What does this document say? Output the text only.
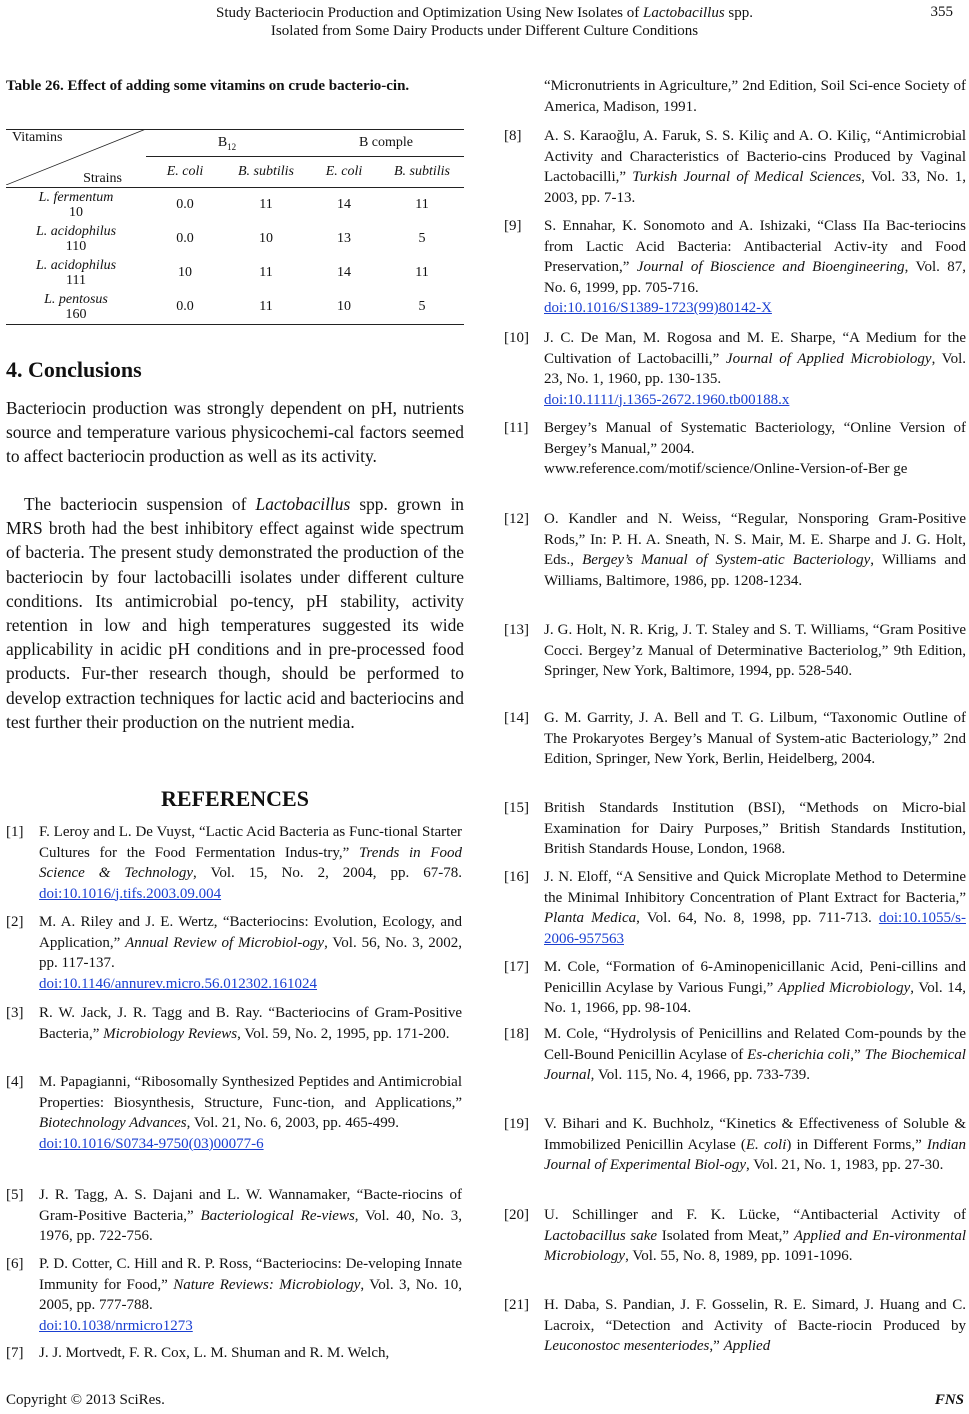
Study Bacteriocin Production and Optimization Using New Isolates of Lactobacillus spp.
Isolated from Some Dairy Products under Different Culture Conditions
355
Table 26. Effect of adding some vitamins on crude bacterio-cin.
Vitamins	$B_{12}$		B comple	
Strains	E. coli	B. subtilis	E. coli	B. subtilis
L. fermentum
10	0.0	11	14	11
L. acidophilus
110	0.0	10	13	5
L. acidophilus
111	10	11	14	11
L. pentosus
160	0.0	11	10	5
4. Conclusions

Bacteriocin production was strongly dependent on pH, nutrients source and temperature various physicochemi-cal factors seemed to affect bacteriocin production as well as its activity.

The bacteriocin suspension of Lactobacillus spp. grown in MRS broth had the best inhibitory effect against wide spectrum of bacteria. The present study demonstrated the production of the bacteriocin by four lactobacilli isolates under different culture conditions. Its antimicrobial po-tency, pH stability, activity retention in low and high temperatures suggested its wide applicability in acidic pH conditions and in pre-processed food products. Fur-ther research though, should be performed to develop extraction techniques for lactic acid and bacteriocins and test further their production on the nutrient media.

REFERENCES
[1] F. Leroy and L. De Vuyst, “Lactic Acid Bacteria as Func-tional Starter Cultures for the Food Fermentation Indus-try,” Trends in Food Science & Technology, Vol. 15, No. 2, 2004, pp. 67-78. doi:10.1016/j.tifs.2003.09.004
[2] M. A. Riley and J. E. Wertz, “Bacteriocins: Evolution, Ecology, and Application,” Annual Review of Microbiol-ogy, Vol. 56, No. 3, 2002, pp. 117-137.
doi:10.1146/annurev.micro.56.012302.161024
[3] R. W. Jack, J. R. Tagg and B. Ray. “Bacteriocins of Gram-Positive Bacteria,” Microbiology Reviews, Vol. 59, No. 2, 1995, pp. 171-200.
[4] M. Papagianni, “Ribosomally Synthesized Peptides and Antimicrobial Properties: Biosynthesis, Structure, Func-tion, and Applications,” Biotechnology Advances, Vol. 21, No. 6, 2003, pp. 465-499.
doi:10.1016/S0734-9750(03)00077-6
[5] J. R. Tagg, A. S. Dajani and L. W. Wannamaker, “Bacte-riocins of Gram-Positive Bacteria,” Bacteriological Re-views, Vol. 40, No. 3, 1976, pp. 722-756.
[6] P. D. Cotter, C. Hill and R. P. Ross, “Bacteriocins: De-veloping Innate Immunity for Food,” Nature Reviews: Microbiology, Vol. 3, No. 10, 2005, pp. 777-788.
doi:10.1038/nrmicro1273
[7] J. J. Mortvedt, F. R. Cox, L. M. Shuman and R. M. Welch,
“Micronutrients in Agriculture,” 2nd Edition, Soil Sci-ence Society of America, Madison, 1991.
[8] A. S. Karaoğlu, A. Faruk, S. S. Kiliç and A. O. Kiliç, “Antimicrobial Activity and Characteristics of Bacterio-cins Produced by Vaginal Lactobacilli,” Turkish Journal of Medical Sciences, Vol. 33, No. 1, 2003, pp. 7-13.
[9] S. Ennahar, K. Sonomoto and A. Ishizaki, “Class IIa Bac-teriocins from Lactic Acid Bacteria: Antibacterial Activ-ity and Food Preservation,” Journal of Bioscience and Bioengineering, Vol. 87, No. 6, 1999, pp. 705-716.
doi:10.1016/S1389-1723(99)80142-X
[10] J. C. De Man, M. Rogosa and M. E. Sharpe, “A Medium for the Cultivation of Lactobacilli,” Journal of Applied Microbiology, Vol. 23, No. 1, 1960, pp. 130-135.
doi:10.1111/j.1365-2672.1960.tb00188.x
[11] Bergey’s Manual of Systematic Bacteriology, “Online Version of Bergey’s Manual,” 2004.
www.reference.com/motif/science/Online-Version-of-Ber ge
[12] O. Kandler and N. Weiss, “Regular, Nonsporing Gram-Positive Rods,” In: P. H. A. Sneath, N. S. Mair, M. E. Sharpe and J. G. Holt, Eds., Bergey’s Manual of System-atic Bacteriology, Williams and Williams, Baltimore, 1986, pp. 1208-1234.
[13] J. G. Holt, N. R. Krig, J. T. Staley and S. T. Williams, “Gram Positive Cocci. Bergey’z Manual of Determinative Bacteriolog,” 9th Edition, Springer, New York, Baltimore, 1994, pp. 528-540.
[14] G. M. Garrity, J. A. Bell and T. G. Lilbum, “Taxonomic Outline of The Prokaryotes Bergey’s Manual of System-atic Bacteriology,” 2nd Edition, Springer, New York, Berlin, Heidelberg, 2004.
[15] British Standards Institution (BSI), “Methods on Micro-bial Examination for Dairy Purposes,” British Standards Institution, British Standards House, London, 1968.
[16] J. N. Eloff, “A Sensitive and Quick Microplate Method to Determine the Minimal Inhibitory Concentration of Plant Extract for Bacteria,” Planta Medica, Vol. 64, No. 8, 1998, pp. 711-713. doi:10.1055/s-2006-957563
[17] M. Cole, “Formation of 6-Aminopenicillanic Acid, Peni-cillins and Penicillin Acylase by Various Fungi,” Applied Microbiology, Vol. 14, No. 1, 1966, pp. 98-104.
[18] M. Cole, “Hydrolysis of Penicillins and Related Com-pounds by the Cell-Bound Penicillin Acylase of Es-cherichia coli,” The Biochemical Journal, Vol. 115, No. 4, 1966, pp. 733-739.
[19] V. Bihari and K. Buchholz, “Kinetics & Effectiveness of Soluble & Immobilized Penicillin Acylase (E. coli) in Different Forms,” Indian Journal of Experimental Biol-ogy, Vol. 21, No. 1, 1983, pp. 27-30.
[20] U. Schillinger and F. K. Lücke, “Antibacterial Activity of Lactobacillus sake Isolated from Meat,” Applied and En-vironmental Microbiology, Vol. 55, No. 8, 1989, pp. 1091-1096.
[21] H. Daba, S. Pandian, J. F. Gosselin, R. E. Simard, J. Huang and C. Lacroix, “Detection and Activity of Bacte-riocin Produced by Leuconostoc mesenteriodes,” Applied
Copyright © 2013 SciRes.	FNS
